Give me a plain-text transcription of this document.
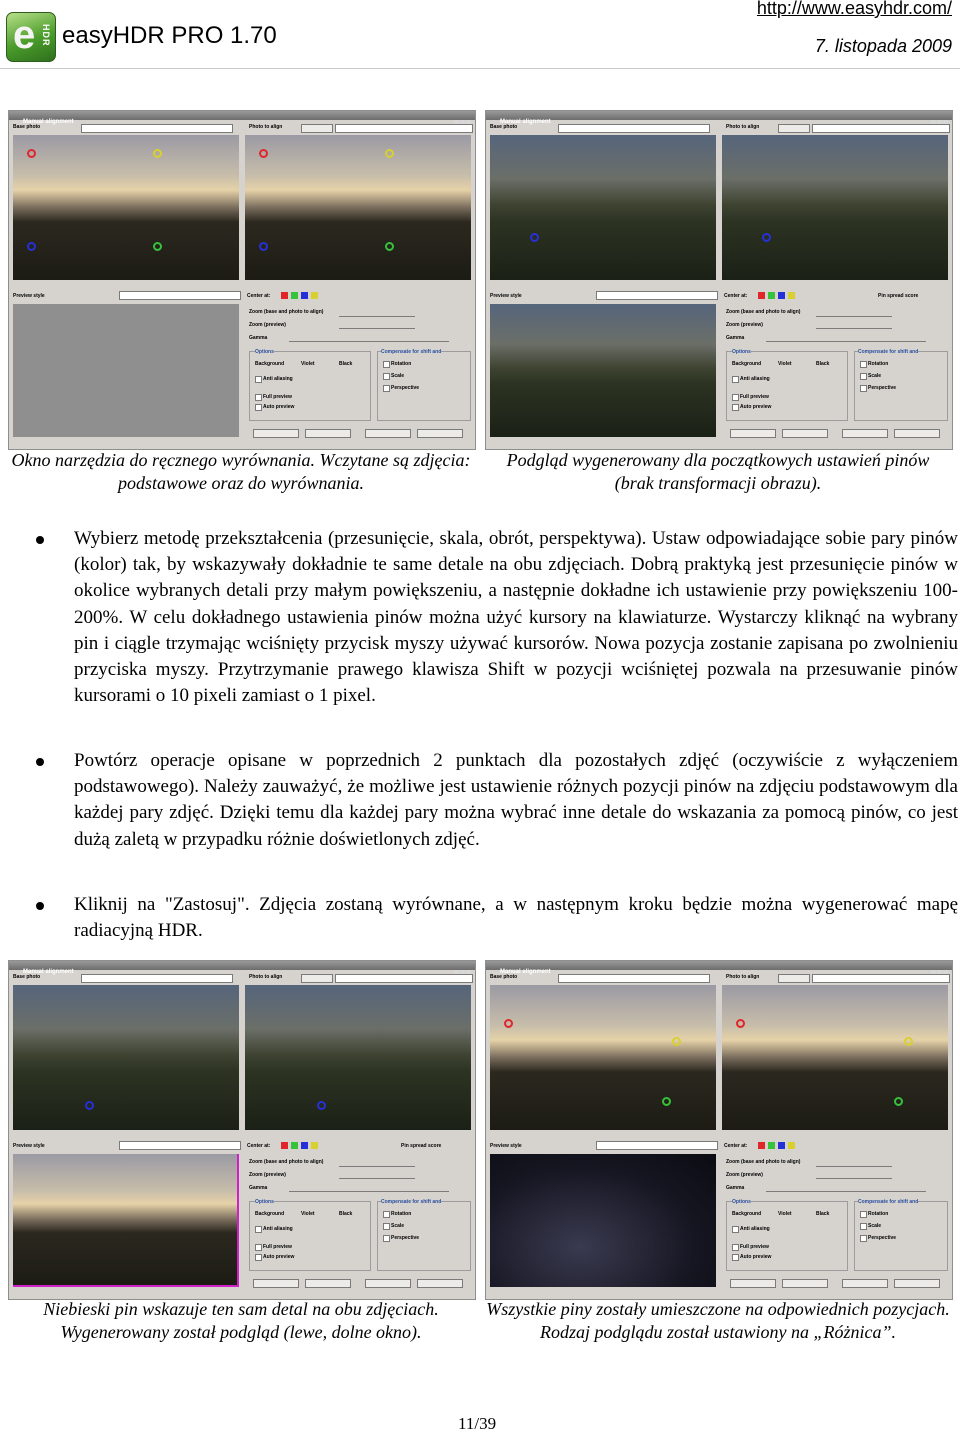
e HDR easyHDR PRO 1.70
http://www.easyhdr.com/
7. listopada 2009
Manual alignment
Base photo	Photo to align
Preview style	Center at:
Zoom (base and photo to align)
Zoom (preview)
Gamma
Options
Background	Violet	Black
Anti aliasing
Full preview
Auto preview
Compensate for shift and
Rotation
Scale
Perspective
Manual alignment
Base photo	Photo to align
Preview style	Center at:	Pin spread score
Zoom (base and photo to align)
Zoom (preview)
Gamma
Options
Background	Violet	Black
Anti aliasing
Full preview
Auto preview
Compensate for shift and
Rotation
Scale
Perspective
Okno narzędzia do ręcznego wyrównania. Wczytane są zdjęcia: podstawowe oraz do wyrównania.
Podgląd wygenerowany dla początkowych ustawień pinów (brak transformacji obrazu).
Wybierz metodę przekształcenia (przesunięcie, skala, obrót, perspektywa). Ustaw odpowiadające sobie pary pinów (kolor) tak, by wskazywały dokładnie te same detale na obu zdjęciach. Dobrą praktyką jest przesunięcie pinów w okolice wybranych detali przy małym powiększeniu, a następnie dokładne ich ustawienie przy powiększeniu 100-200%. W celu dokładnego ustawienia pinów można użyć kursory na klawiaturze. Wystarczy kliknąć na wybrany pin i ciągle trzymając wciśnięty przycisk myszy używać kursorów. Nowa pozycja zostanie zapisana po zwolnieniu przyciska myszy. Przytrzymanie prawego klawisza Shift w pozycji wciśniętej pozwala na przesuwanie pinów kursorami o 10 pixeli zamiast o 1 pixel.
Powtórz operacje opisane w poprzednich 2 punktach dla pozostałych zdjęć (oczywiście z wyłączeniem podstawowego). Należy zauważyć, że możliwe jest ustawienie różnych pozycji pinów na zdjęciu podstawowym dla każdej pary zdjęć. Dzięki temu dla każdej pary można wybrać inne detale do wskazania za pomocą pinów, co jest dużą zaletą w przypadku różnie doświetlonych zdjęć.
Kliknij na "Zastosuj". Zdjęcia zostaną wyrównane, a w następnym kroku będzie można wygenerować mapę radiacyjną HDR.
Manual alignment
Base photo	Photo to align
Preview style	Center at:	Pin spread score
Zoom (base and photo to align)
Zoom (preview)
Gamma
Options
Background	Violet	Black
Anti aliasing
Full preview
Auto preview
Compensate for shift and
Rotation
Scale
Perspective
Manual alignment
Base photo	Photo to align
Preview style	Center at:
Zoom (base and photo to align)
Zoom (preview)
Gamma
Options
Background	Violet	Black
Anti aliasing
Full preview
Auto preview
Compensate for shift and
Rotation
Scale
Perspective
Niebieski pin wskazuje ten sam detal na obu zdjęciach. Wygenerowany został podgląd (lewe, dolne okno).
Wszystkie piny zostały umieszczone na odpowiednich pozycjach. Rodzaj podglądu został ustawiony na „Różnica”.
11/39
